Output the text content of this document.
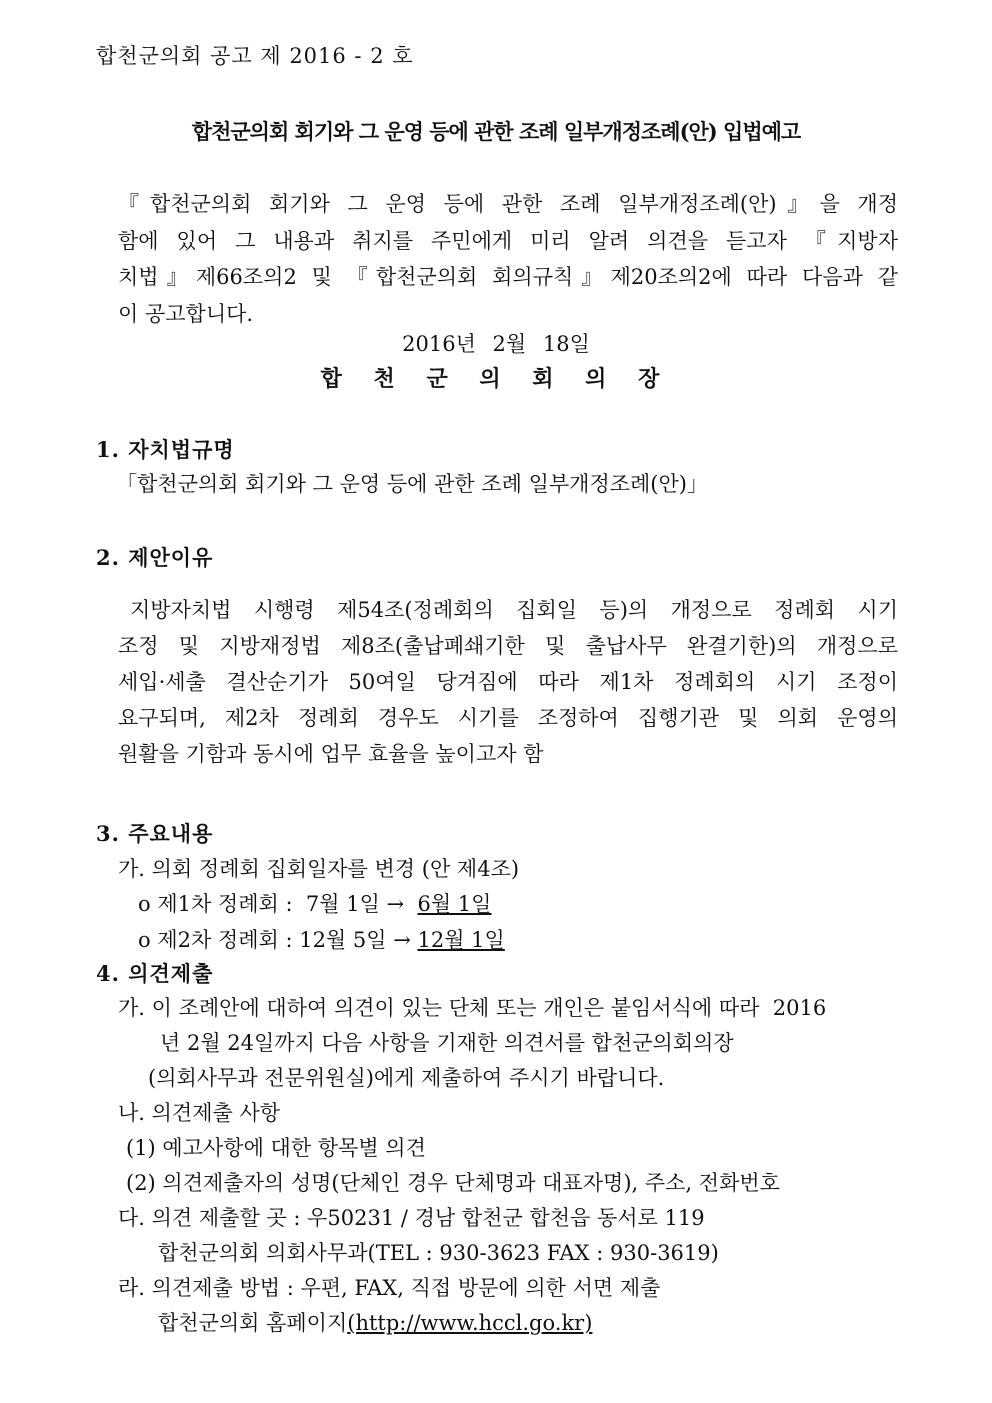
합천군의회 공고 제 2016 - 2 호
합천군의회 회기와 그 운영 등에 관한 조례 일부개정조례(안) 입법예고
『합천군의회 회기와 그 운영 등에 관한 조례 일부개정조례(안)』을 개정
함에 있어 그 내용과 취지를 주민에게 미리 알려 의견을 듣고자 『지방자
치법』제66조의2 및 『합천군의회 회의규칙』제20조의2에 따라 다음과 같
이 공고합니다.
2016년 2월 18일
합 천 군 의 회 의 장
1. 자치법규명
「합천군의회 회기와 그 운영 등에 관한 조례 일부개정조례(안)」
2. 제안이유
지방자치법 시행령 제54조(정례회의 집회일 등)의 개정으로 정례회 시기
조정 및 지방재정법 제8조(출납폐쇄기한 및 출납사무 완결기한)의 개정으로
세입·세출 결산순기가 50여일 당겨짐에 따라 제1차 정례회의 시기 조정이
요구되며, 제2차 정례회 경우도 시기를 조정하여 집행기관 및 의회 운영의
원활을 기함과 동시에 업무 효율을 높이고자 함
3. 주요내용
가. 의회 정례회 집회일자를 변경 (안 제4조)
o 제1차 정례회 :  7월 1일 →  6월 1일
o 제2차 정례회 : 12월 5일 → 12월 1일
4. 의견제출
가. 이 조례안에 대하여 의견이 있는 단체 또는 개인은 붙임서식에 따라  2016
년 2월 24일까지 다음 사항을 기재한 의견서를 합천군의회의장
(의회사무과 전문위원실)에게 제출하여 주시기 바랍니다.
나. 의견제출 사항
(1) 예고사항에 대한 항목별 의견
(2) 의견제출자의 성명(단체인 경우 단체명과 대표자명), 주소, 전화번호
다. 의견 제출할 곳 : 우50231 / 경남 합천군 합천읍 동서로 119
합천군의회 의회사무과(TEL : 930-3623 FAX : 930-3619)
라. 의견제출 방법 : 우편, FAX, 직접 방문에 의한 서면 제출
합천군의회 홈페이지(http://www.hccl.go.kr)
